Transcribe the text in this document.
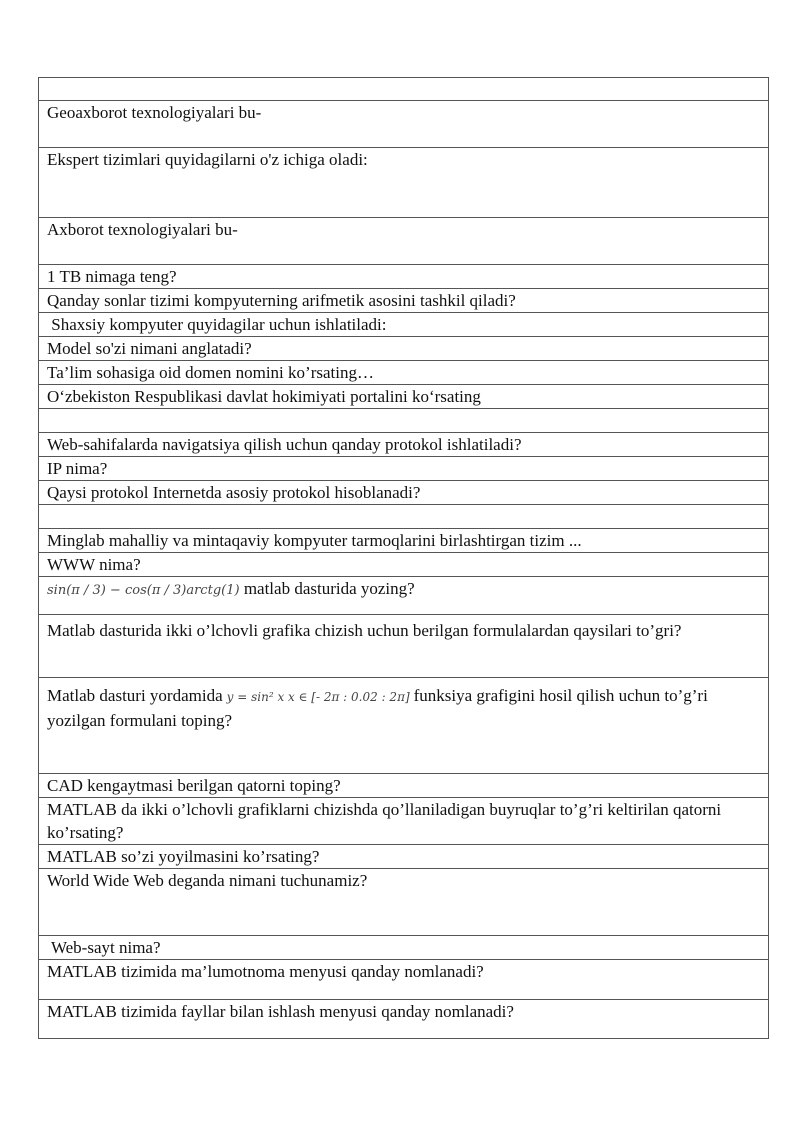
Geoaxborot texnologiyalari bu-
Ekspert tizimlari quyidagilarni o'z ichiga oladi:
Axborot texnologiyalari bu-
1 TB nimaga teng?
Qanday sonlar tizimi kompyuterning arifmetik asosini tashkil qiladi?
Shaxsiy kompyuter quyidagilar uchun ishlatiladi:
Model so'zi nimani anglatadi?
Ta’lim sohasiga oid domen nomini ko’rsating…
O‘zbekiston Respublikasi davlat hokimiyati portalini ko‘rsating
Web-sahifalarda navigatsiya qilish uchun qanday protokol ishlatiladi?
IP nima?
Qaysi protokol Internetda asosiy protokol hisoblanadi?
Minglab mahalliy va mintaqaviy kompyuter tarmoqlarini birlashtirgan tizim ...
WWW nima?
sin(π / 3) − cos(π / 3)arctg(1) matlab dasturida yozing?
Matlab dasturida ikki o’lchovli grafika chizish uchun berilgan formulalardan qaysilari to’gri?
Matlab dasturi yordamida y = sin² x x ∈ [- 2π : 0.02 : 2π] funksiya grafigini hosil qilish uchun to’g’ri yozilgan formulani toping?
CAD kengaytmasi berilgan qatorni toping?
MATLAB da ikki o’lchovli grafiklarni chizishda qo’llaniladigan buyruqlar to’g’ri keltirilan qatorni ko’rsating?
MATLAB so’zi yoyilmasini ko’rsating?
World Wide Web deganda nimani tuchunamiz?
Web-sayt nima?
MATLAB tizimida ma’lumotnoma menyusi qanday nomlanadi?
MATLAB tizimida fayllar bilan ishlash menyusi qanday nomlanadi?
